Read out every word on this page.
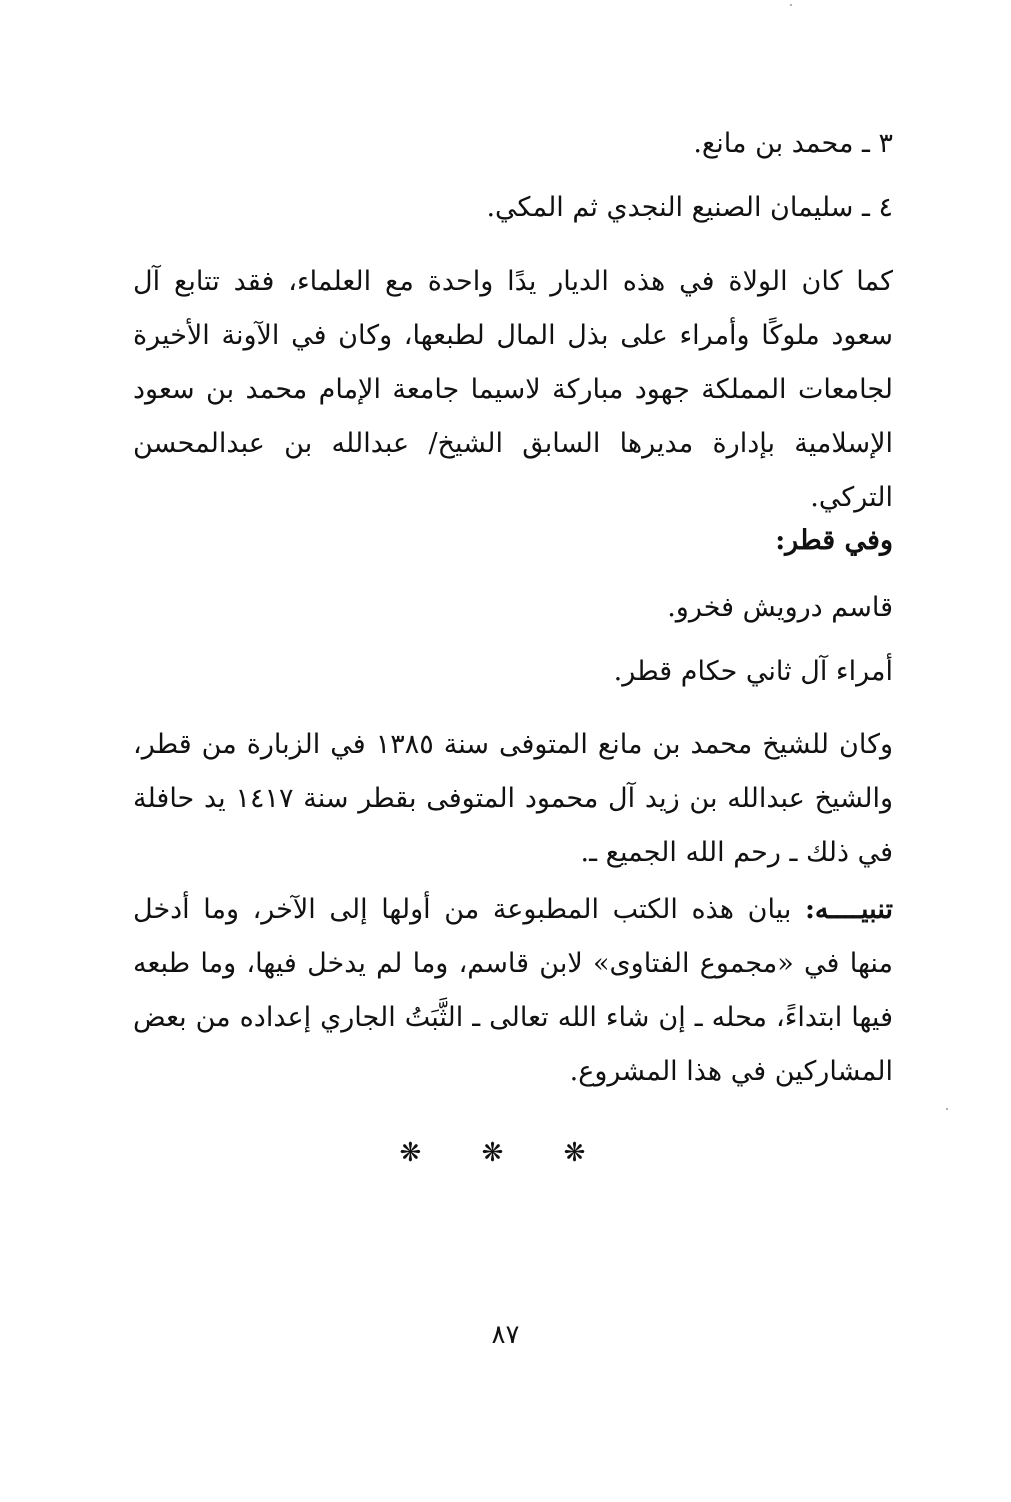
٣ ـ محمد بن مانع.
٤ ـ سليمان الصنيع النجدي ثم المكي.

كما كان الولاة في هذه الديار يدًا واحدة مع العلماء، فقد تتابع آل سعود ملوكًا وأمراء على بذل المال لطبعها، وكان في الآونة الأخيرة لجامعات المملكة جهود مباركة لاسيما جامعة الإمام محمد بن سعود الإسلامية بإدارة مديرها السابق الشيخ/ عبدالله بن عبدالمحسن التركي.

وفي قطر:
قاسم درويش فخرو.
أمراء آل ثاني حكام قطر.

وكان للشيخ محمد بن مانع المتوفى سنة ١٣٨٥ في الزبارة من قطر، والشيخ عبدالله بن زيد آل محمود المتوفى بقطر سنة ١٤١٧ يد حافلة في ذلك ـ رحم الله الجميع ـ.

تنبيــــه: بيان هذه الكتب المطبوعة من أولها إلى الآخر، وما أدخل منها في «مجموع الفتاوى» لابن قاسم، وما لم يدخل فيها، وما طبعه فيها ابتداءً، محله ـ إن شاء الله تعالى ـ الثَّبَتُ الجاري إعداده من بعض المشاركين في هذا المشروع.

❋ ❋ ❋
٨٧
